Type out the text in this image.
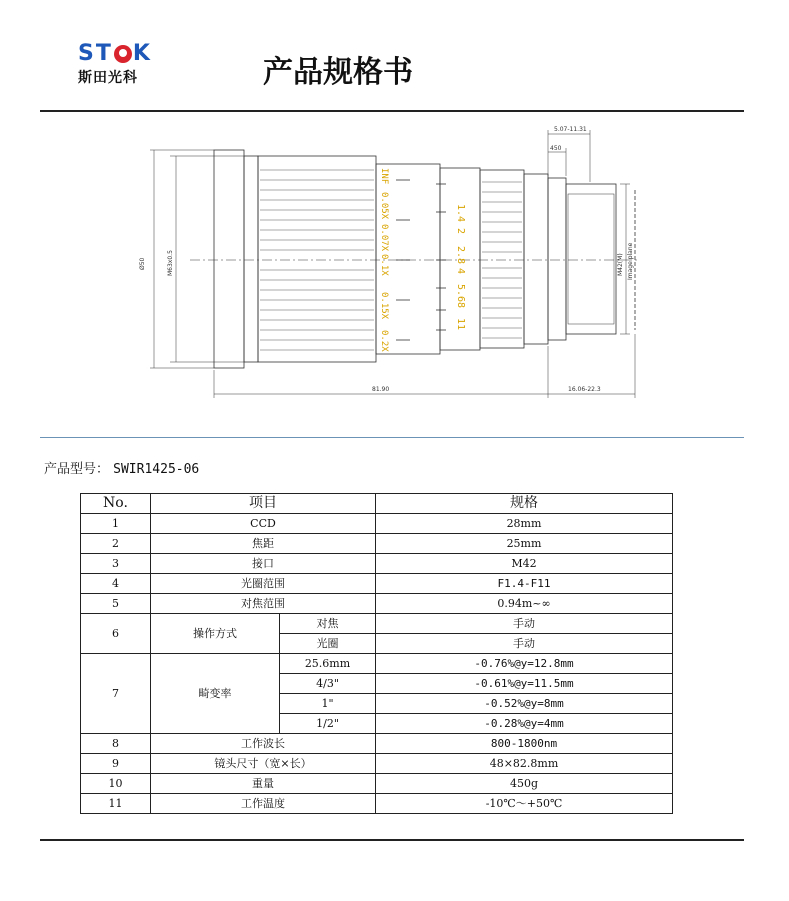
ST K
斯田光科	产品规格书
INF
0.05X
0.07X
0.1X
0.15X
0.2X
11
8
5.6
4
2.8
2
1.4
5.07-11.31
450
Ø50	M63x0.5	M42(M) Image plane
81.90	16.06-22.3
产品型号： SWIR1425-06
No.	项目		规格
1	CCD		28mm
2	焦距		25mm
3	接口		M42
4	光圈范围		F1.4-F11
5	对焦范围		0.94m~∞
6	操作方式	对焦	手动
		光圈	手动
7	畸变率	25.6mm	-0.76%@y=12.8mm
		4/3"	-0.61%@y=11.5mm
		1"	-0.52%@y=8mm
		1/2"	-0.28%@y=4mm
8	工作波长		800-1800nm
9	镜头尺寸（宽×长）		48×82.8mm
10	重量		450g
11	工作温度		-10℃～+50℃
